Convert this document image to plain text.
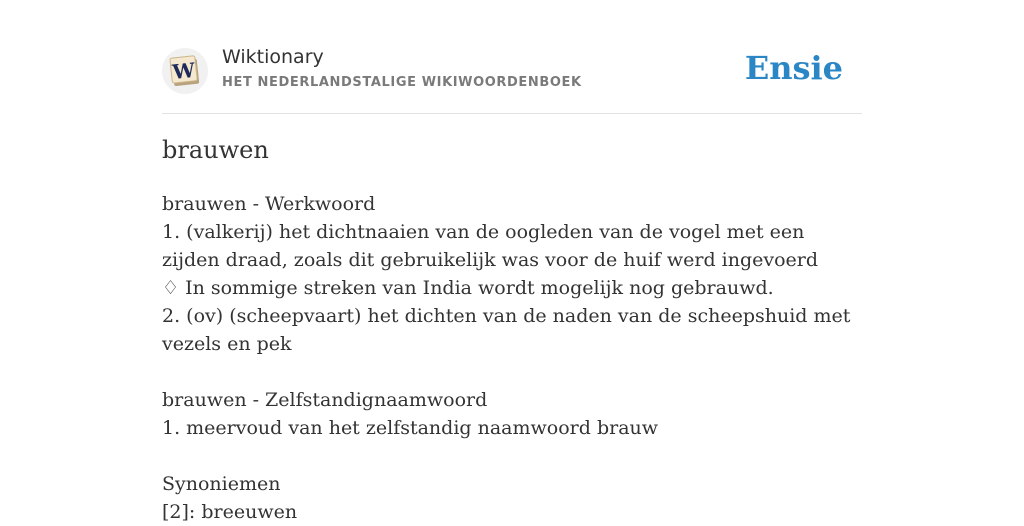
W
Wiktionary
HET NEDERLANDSTALIGE WIKIWOORDENBOEK	Ensie
brauwen

brauwen - Werkwoord

1. (valkerij) het dichtnaaien van de oogleden van de vogel met een zijden draad, zoals dit gebruikelijk was voor de huif werd ingevoerd

♢ In sommige streken van India wordt mogelijk nog gebrauwd.

2. (ov) (scheepvaart) het dichten van de naden van de scheepshuid met vezels en pek

brauwen - Zelfstandignaamwoord

1. meervoud van het zelfstandig naamwoord brauw

Synoniemen

[2]: breeuwen
